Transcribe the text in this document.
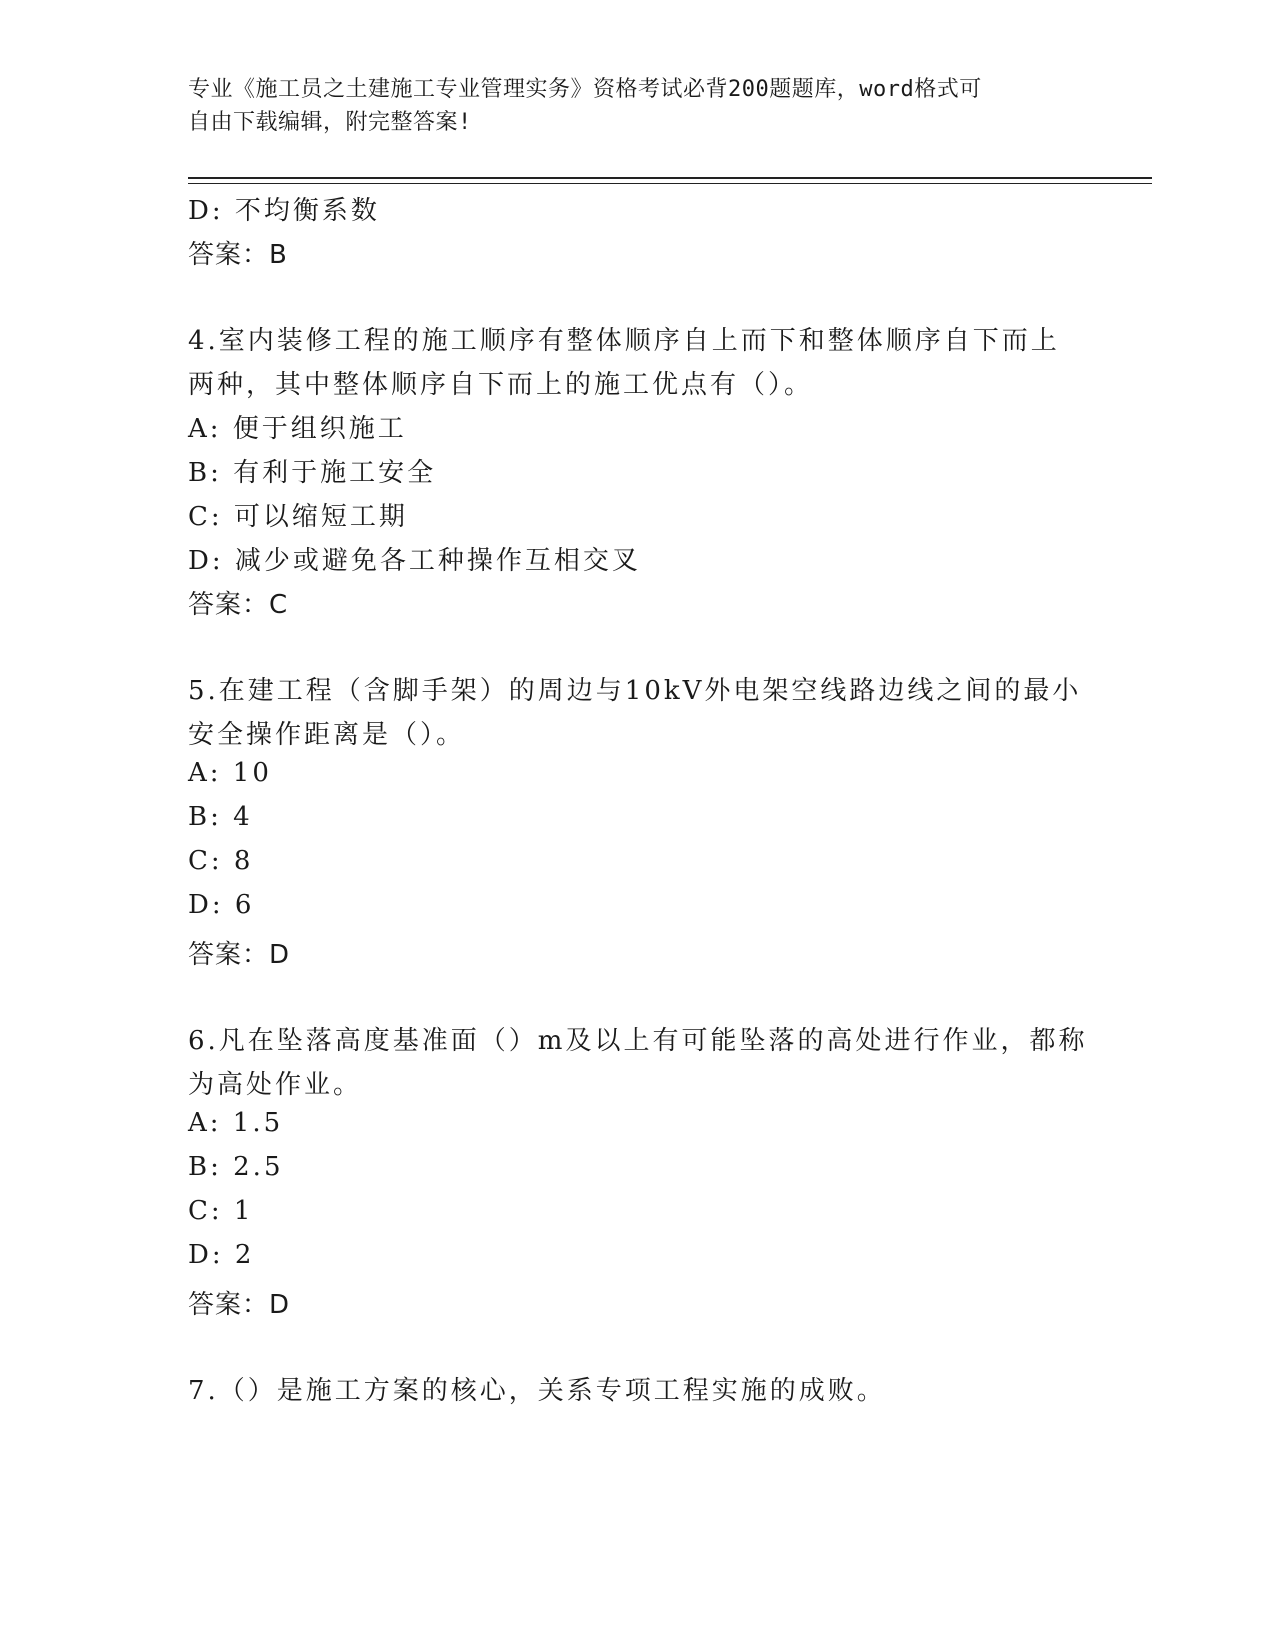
专业《施工员之土建施工专业管理实务》资格考试必背200题题库，word格式可
自由下载编辑，附完整答案!
D: 不均衡系数
答案：B
4.室内装修工程的施工顺序有整体顺序自上而下和整体顺序自下而上
两种，其中整体顺序自下而上的施工优点有（）。
A: 便于组织施工
B: 有利于施工安全
C: 可以缩短工期
D: 减少或避免各工种操作互相交叉
答案：C
5.在建工程（含脚手架）的周边与10kV外电架空线路边线之间的最小
安全操作距离是（）。
A: 10
B: 4
C: 8
D: 6
答案：D
6.凡在坠落高度基准面（）m及以上有可能坠落的高处进行作业，都称
为高处作业。
A: 1.5
B: 2.5
C: 1
D: 2
答案：D
7.（）是施工方案的核心，关系专项工程实施的成败。
